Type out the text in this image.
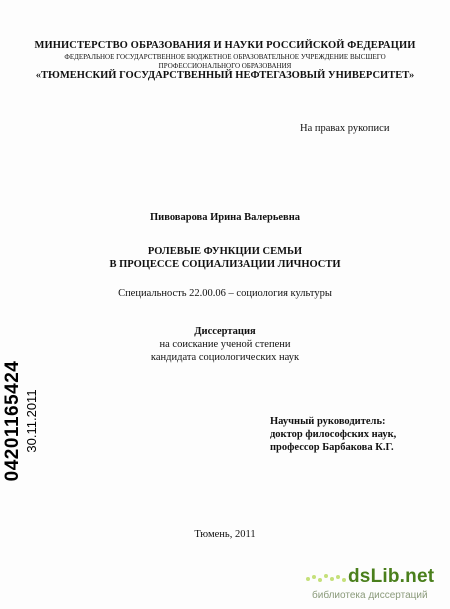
МИНИСТЕРСТВО ОБРАЗОВАНИЯ И НАУКИ РОССИЙСКОЙ ФЕДЕРАЦИИ
ФЕДЕРАЛЬНОЕ ГОСУДАРСТВЕННОЕ БЮДЖЕТНОЕ ОБРАЗОВАТЕЛЬНОЕ УЧРЕЖДЕНИЕ ВЫСШЕГО
ПРОФЕССИОНАЛЬНОГО ОБРАЗОВАНИЯ
«ТЮМЕНСКИЙ ГОСУДАРСТВЕННЫЙ НЕФТЕГАЗОВЫЙ УНИВЕРСИТЕТ»
На правах рукописи
Пивоварова Ирина Валерьевна
РОЛЕВЫЕ ФУНКЦИИ СЕМЬИ
В ПРОЦЕССЕ СОЦИАЛИЗАЦИИ ЛИЧНОСТИ
Специальность 22.00.06 – социология культуры
Диссертация
на соискание ученой степени
кандидата социологических наук
Научный руководитель:
доктор философских наук,
профессор Барбакова К.Г.
Тюмень, 2011
04201165424 30.11.2011
dsLib.net
библиотека диссертаций
